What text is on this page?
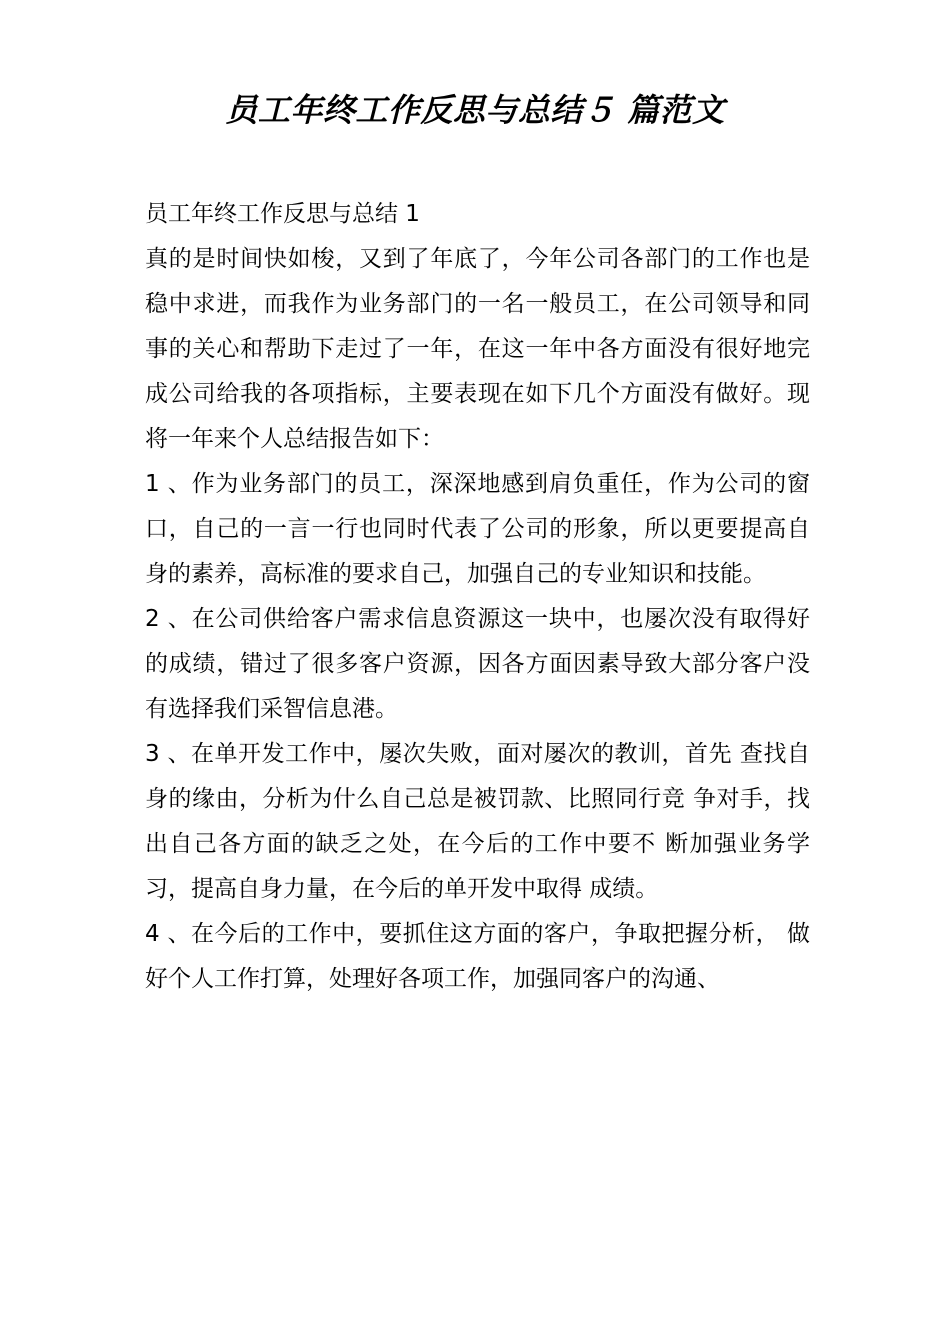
员工年终工作反思与总结５ 篇范文

员工年终工作反思与总结 1

真的是时间快如梭，又到了年底了，今年公司各部门的工作也是稳中求进，而我作为业务部门的一名一般员工，在公司领导和同事的关心和帮助下走过了一年，在这一年中各方面没有很好地完成公司给我的各项指标，主要表现在如下几个方面没有做好。现将一年来个人总结报告如下：

1 、作为业务部门的员工，深深地感到肩负重任，作为公司的窗口，自己的一言一行也同时代表了公司的形象，所以更要提高自身的素养，高标准的要求自己，加强自己的专业知识和技能。

2 、在公司供给客户需求信息资源这一块中，也屡次没有取得好的成绩，错过了很多客户资源，因各方面因素导致大部分客户没有选择我们采智信息港。

3 、在单开发工作中，屡次失败，面对屡次的教训，首先 查找自身的缘由，分析为什么自己总是被罚款、比照同行竞 争对手，找出自己各方面的缺乏之处，在今后的工作中要不 断加强业务学习，提高自身力量，在今后的单开发中取得 成绩。

4 、在今后的工作中，要抓住这方面的客户，争取把握分析， 做好个人工作打算，处理好各项工作，加强同客户的沟通、
